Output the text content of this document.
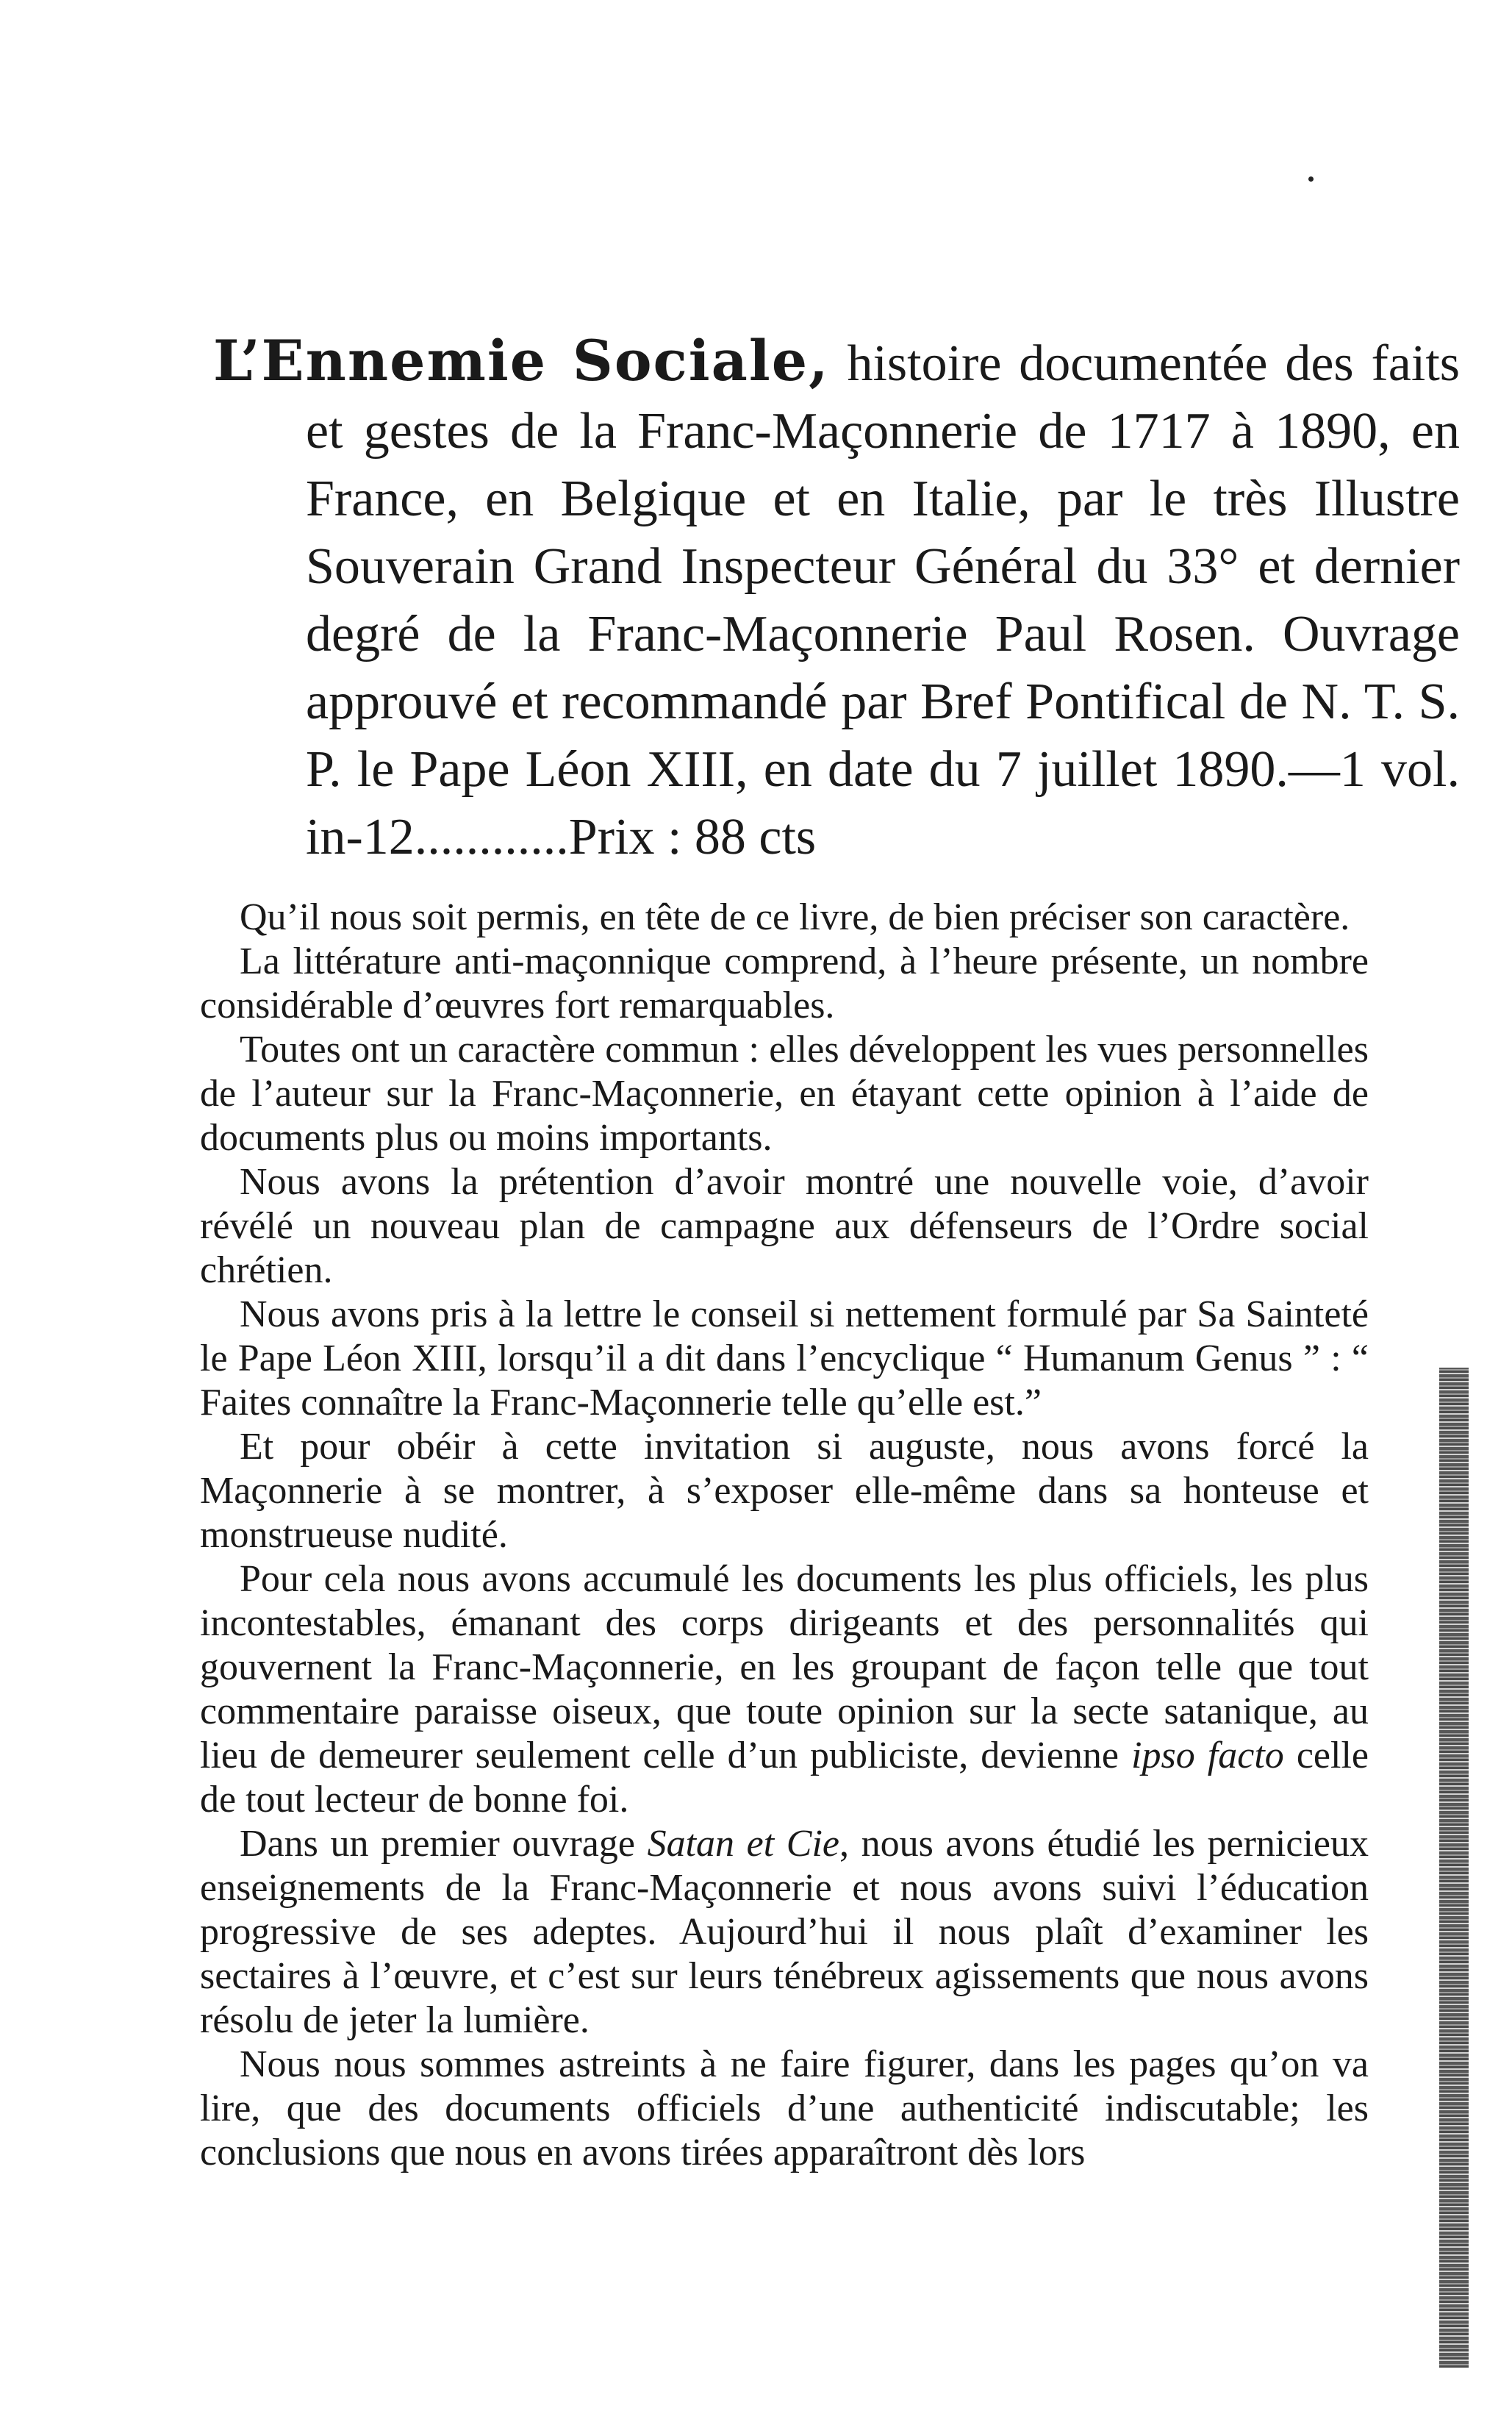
L’Ennemie Sociale, histoire documentée des faits et gestes de la Franc-Maçonnerie de 1717 à 1890, en France, en Belgique et en Italie, par le très Illustre Souverain Grand Inspecteur Général du 33° et dernier degré de la Franc-Maçonnerie Paul Rosen. Ouvrage approuvé et recommandé par Bref Pontifical de N. T. S. P. le Pape Léon XIII, en date du 7 juillet 1890.—1 vol. in-12............Prix : 88 cts

Qu’il nous soit permis, en tête de ce livre, de bien préciser son caractère.

La littérature anti-maçonnique comprend, à l’heure présente, un nombre considérable d’œuvres fort remarquables.

Toutes ont un caractère commun : elles développent les vues personnelles de l’auteur sur la Franc-Maçonnerie, en étayant cette opinion à l’aide de documents plus ou moins importants.

Nous avons la prétention d’avoir montré une nouvelle voie, d’avoir révélé un nouveau plan de campagne aux défenseurs de l’Ordre social chrétien.

Nous avons pris à la lettre le conseil si nettement formulé par Sa Sainteté le Pape Léon XIII, lorsqu’il a dit dans l’encyclique “ Humanum Genus ” : “ Faites connaître la Franc-Maçonnerie telle qu’elle est.”

Et pour obéir à cette invitation si auguste, nous avons forcé la Maçonnerie à se montrer, à s’exposer elle-même dans sa honteuse et monstrueuse nudité.

Pour cela nous avons accumulé les documents les plus officiels, les plus incontestables, émanant des corps dirigeants et des personnalités qui gouvernent la Franc-Maçonnerie, en les groupant de façon telle que tout commentaire paraisse oiseux, que toute opinion sur la secte satanique, au lieu de demeurer seulement celle d’un publiciste, devienne ipso facto celle de tout lecteur de bonne foi.

Dans un premier ouvrage Satan et Cie, nous avons étudié les pernicieux enseignements de la Franc-Maçonnerie et nous avons suivi l’éducation progressive de ses adeptes. Aujourd’hui il nous plaît d’examiner les sectaires à l’œuvre, et c’est sur leurs ténébreux agissements que nous avons résolu de jeter la lumière.

Nous nous sommes astreints à ne faire figurer, dans les pages qu’on va lire, que des documents officiels d’une authenticité indiscutable; les conclusions que nous en avons tirées apparaîtront dès lors
